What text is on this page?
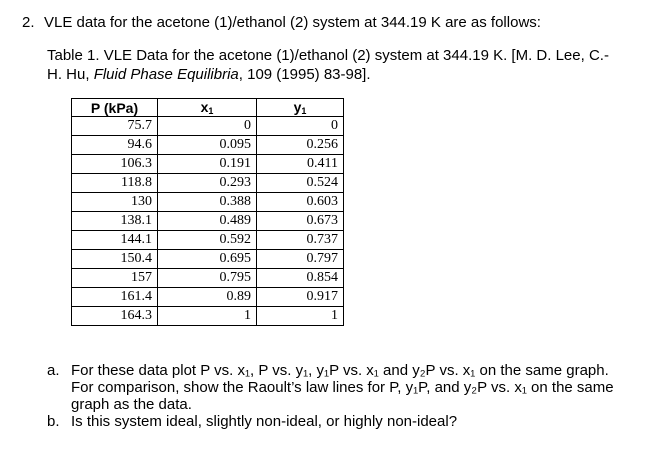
2. VLE data for the acetone (1)/ethanol (2) system at 344.19 K are as follows:
Table 1. VLE Data for the acetone (1)/ethanol (2) system at 344.19 K. [M. D. Lee, C.-H. Hu, Fluid Phase Equilibria, 109 (1995) 83-98].
P (kPa)	$x_1$	$y_1$
75.7	0	0
94.6	0.095	0.256
106.3	0.191	0.411
118.8	0.293	0.524
130	0.388	0.603
138.1	0.489	0.673
144.1	0.592	0.737
150.4	0.695	0.797
157	0.795	0.854
161.4	0.89	0.917
164.3	1	1

a. For these data plot P vs. x₁, P vs. y₁, y₁P vs. x₁ and y₂P vs. x₁ on the same graph. For comparison, show the Raoult’s law lines for P, y₁P, and y₂P vs. x₁ on the same graph as the data.

b. Is this system ideal, slightly non-ideal, or highly non-ideal?
